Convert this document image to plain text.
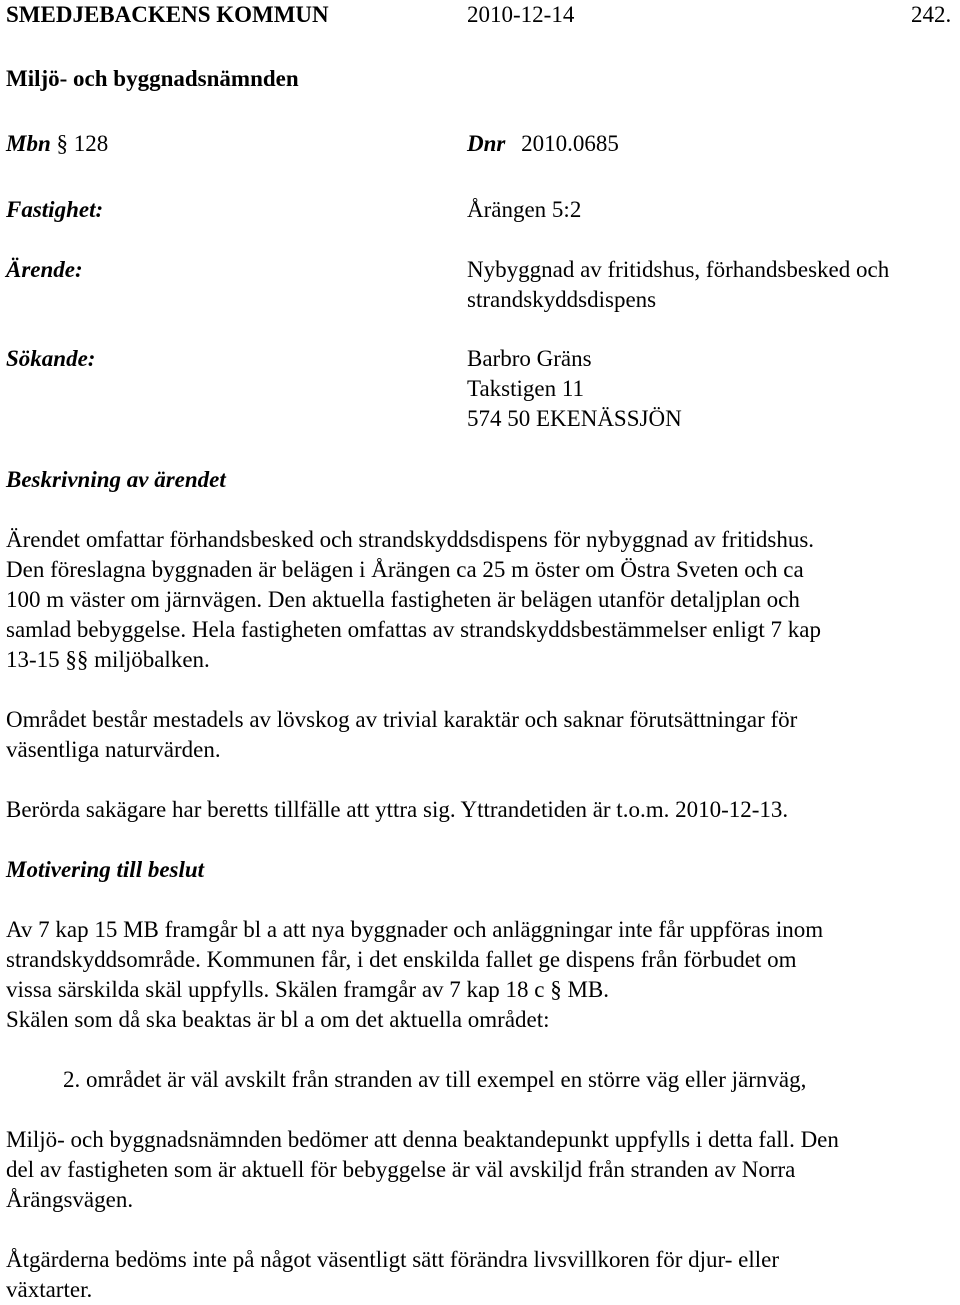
SMEDJEBACKENS KOMMUN	2010-12-14	242.
Miljö- och byggnadsnämnden
Mbn § 128	Dnr 2010.0685
Fastighet:	Årängen 5:2
Ärende:	Nybyggnad av fritidshus, förhandsbesked och
strandskyddsdispens
Sökande:	Barbro Gräns
Takstigen 11
574 50 EKENÄSSJÖN
Beskrivning av ärendet

Ärendet omfattar förhandsbesked och strandskyddsdispens för nybyggnad av fritidshus.

Den föreslagna byggnaden är belägen i Årängen ca 25 m öster om Östra Sveten och ca

100 m väster om järnvägen. Den aktuella fastigheten är belägen utanför detaljplan och

samlad bebyggelse. Hela fastigheten omfattas av strandskyddsbestämmelser enligt 7 kap

13-15 §§ miljöbalken.

Området består mestadels av lövskog av trivial karaktär och saknar förutsättningar för

väsentliga naturvärden.

Berörda sakägare har beretts tillfälle att yttra sig. Yttrandetiden är t.o.m. 2010-12-13.

Motivering till beslut

Av 7 kap 15 MB framgår bl a att nya byggnader och anläggningar inte får uppföras inom

strandskyddsområde. Kommunen får, i det enskilda fallet ge dispens från förbudet om

vissa särskilda skäl uppfylls. Skälen framgår av 7 kap 18 c § MB.

Skälen som då ska beaktas är bl a om det aktuella området:

2. området är väl avskilt från stranden av till exempel en större väg eller järnväg,

Miljö- och byggnadsnämnden bedömer att denna beaktandepunkt uppfylls i detta fall. Den

del av fastigheten som är aktuell för bebyggelse är väl avskiljd från stranden av Norra

Årängsvägen.

Åtgärderna bedöms inte på något väsentligt sätt förändra livsvillkoren för djur- eller

växtarter.
